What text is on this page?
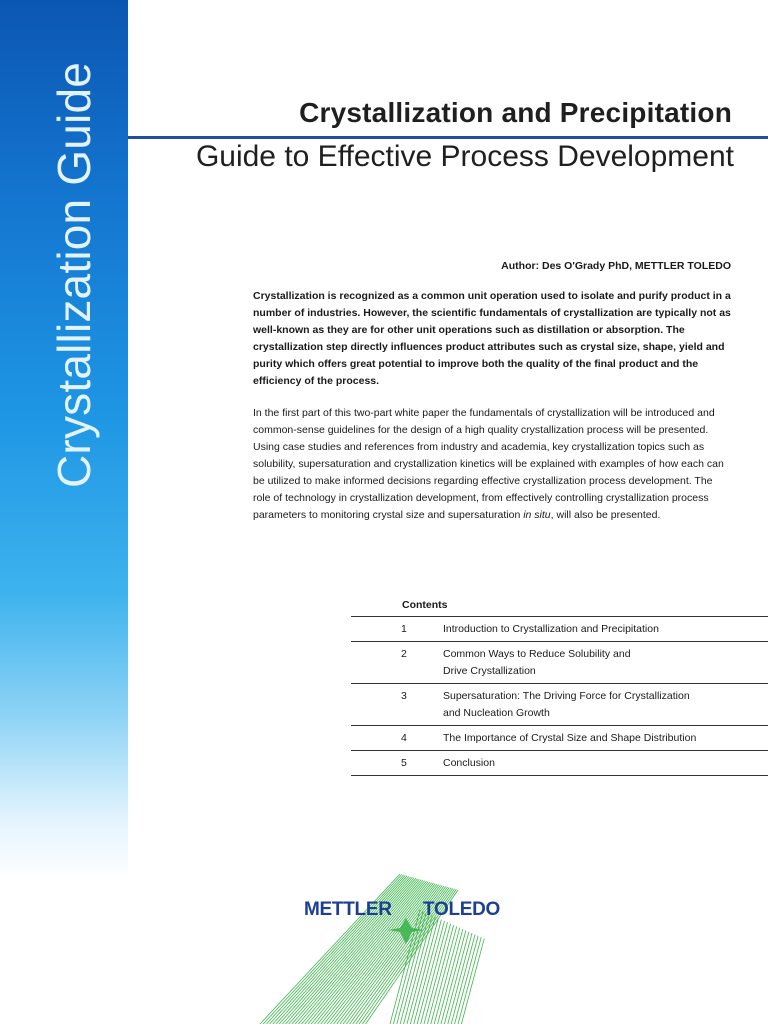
Crystallization Guide	Crystallization and Precipitation
Guide to Effective Process Development
Author: Des O'Grady PhD, METTLER TOLEDO

Crystallization is recognized as a common unit operation used to isolate and purify product in a number of industries. However, the scientific fundamentals of crystallization are typically not as well-known as they are for other unit operations such as distillation or absorption. The crystallization step directly influences product attributes such as crystal size, shape, yield and purity which offers great potential to improve both the quality of the final product and the efficiency of the process.

In the first part of this two-part white paper the fundamentals of crystallization will be introduced and common-sense guidelines for the design of a high quality crystallization process will be presented. Using case studies and references from industry and academia, key crystallization topics such as solubility, supersaturation and crystallization kinetics will be explained with examples of how each can be utilized to make informed decisions regarding effective crystallization process development. The role of technology in crystallization development, from effectively controlling crystallization process parameters to monitoring crystal size and supersaturation in situ, will also be presented.

Contents
1	Introduction to Crystallization and Precipitation
2	Common Ways to Reduce Solubility and
Drive Crystallization
3	Supersaturation: The Driving Force for Crystallization
and Nucleation Growth
4	The Importance of Crystal Size and Shape Distribution
5	Conclusion
METTLER TOLEDO
